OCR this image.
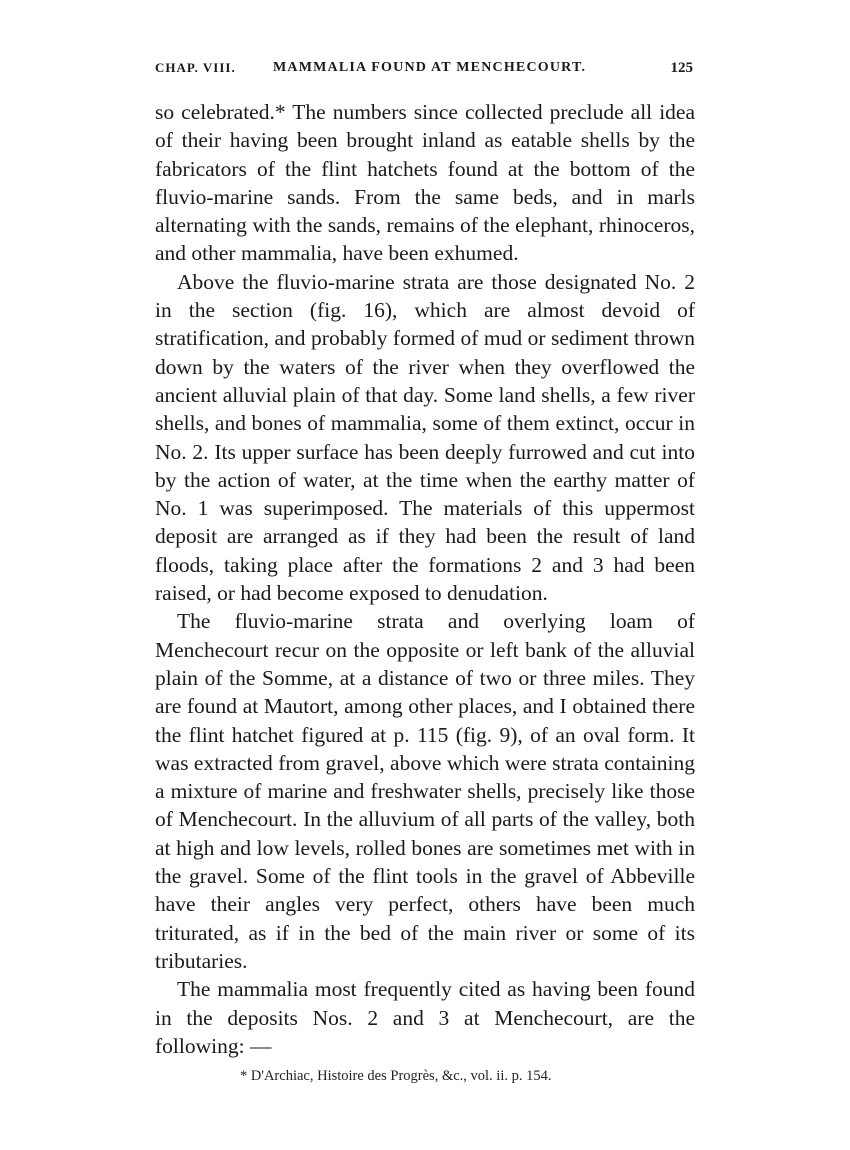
CHAP. VIII.	MAMMALIA FOUND AT MENCHECOURT.	125

so celebrated.* The numbers since collected preclude all idea of their having been brought inland as eatable shells by the fabricators of the flint hatchets found at the bottom of the fluvio-marine sands. From the same beds, and in marls alternating with the sands, remains of the elephant, rhinoceros, and other mammalia, have been exhumed.

Above the fluvio-marine strata are those designated No. 2 in the section (fig. 16), which are almost devoid of stratification, and probably formed of mud or sediment thrown down by the waters of the river when they overflowed the ancient alluvial plain of that day. Some land shells, a few river shells, and bones of mammalia, some of them extinct, occur in No. 2. Its upper surface has been deeply furrowed and cut into by the action of water, at the time when the earthy matter of No. 1 was superimposed. The materials of this uppermost deposit are arranged as if they had been the result of land floods, taking place after the formations 2 and 3 had been raised, or had become exposed to denudation.

The fluvio-marine strata and overlying loam of Menchecourt recur on the opposite or left bank of the alluvial plain of the Somme, at a distance of two or three miles. They are found at Mautort, among other places, and I obtained there the flint hatchet figured at p. 115 (fig. 9), of an oval form. It was extracted from gravel, above which were strata containing a mixture of marine and freshwater shells, precisely like those of Menchecourt. In the alluvium of all parts of the valley, both at high and low levels, rolled bones are sometimes met with in the gravel. Some of the flint tools in the gravel of Abbeville have their angles very perfect, others have been much triturated, as if in the bed of the main river or some of its tributaries.

The mammalia most frequently cited as having been found in the deposits Nos. 2 and 3 at Menchecourt, are the following: —

* D'Archiac, Histoire des Progrès, &c., vol. ii. p. 154.
